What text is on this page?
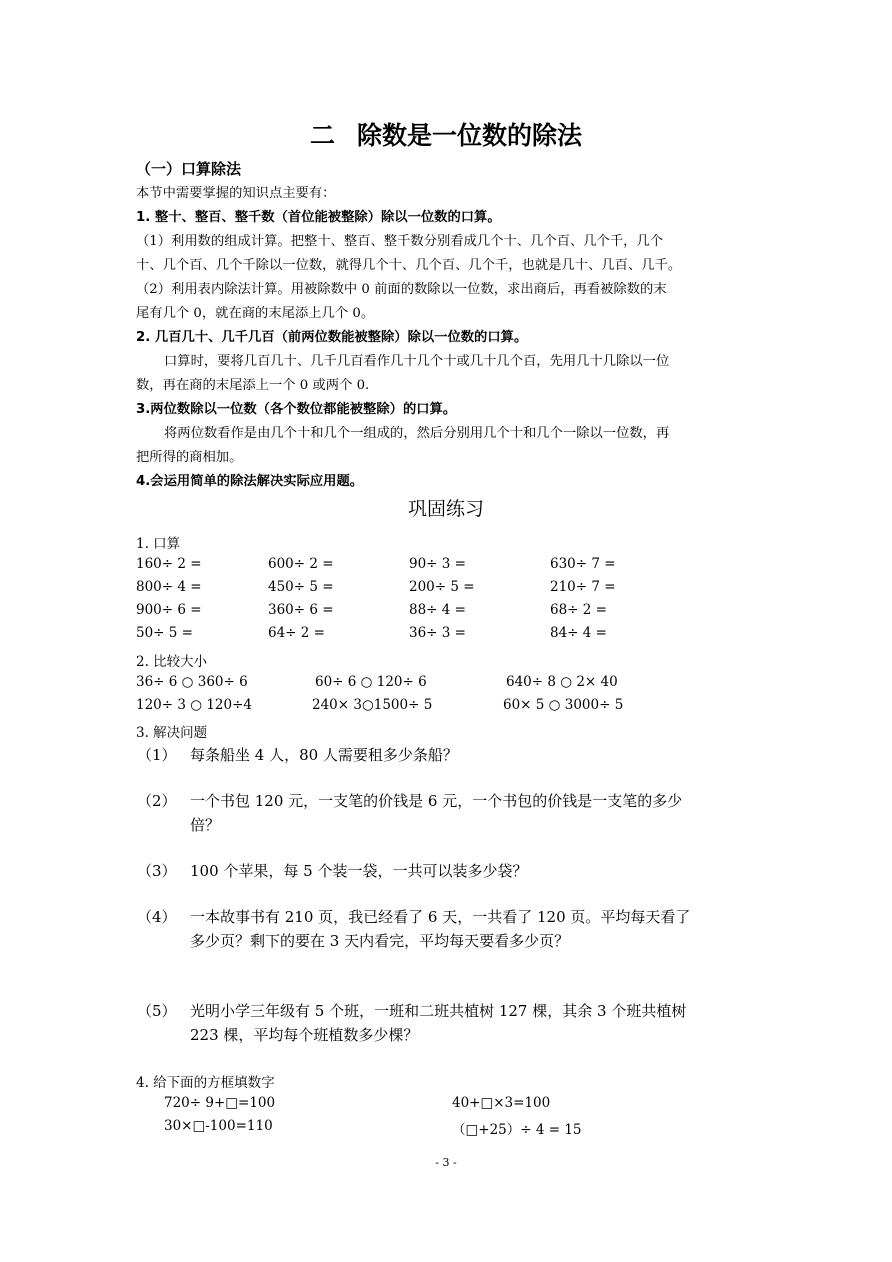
二 除数是一位数的除法
（一）口算除法
本节中需要掌握的知识点主要有：
1. 整十、整百、整千数（首位能被整除）除以一位数的口算。
（1）利用数的组成计算。把整十、整百、整千数分别看成几个十、几个百、几个千，几个
十、几个百、几个千除以一位数，就得几个十、几个百、几个千，也就是几十、几百、几千。
（2）利用表内除法计算。用被除数中 0 前面的数除以一位数，求出商后，再看被除数的末
尾有几个 0，就在商的末尾添上几个 0。
2. 几百几十、几千几百（前两位数能被整除）除以一位数的口算。
口算时，要将几百几十、几千几百看作几十几个十或几十几个百，先用几十几除以一位
数，再在商的末尾添上一个 0 或两个 0.
3.两位数除以一位数（各个数位都能被整除）的口算。
将两位数看作是由几个十和几个一组成的，然后分别用几个十和几个一除以一位数，再
把所得的商相加。
4.会运用简单的除法解决实际应用题。
巩固练习
1. 口算
160÷ 2 =	600÷ 2 =	90÷ 3 =	630÷ 7 =
800÷ 4 =	450÷ 5 =	200÷ 5 =	210÷ 7 =
900÷ 6 =	360÷ 6 =	88÷ 4 =	68÷ 2 =
50÷ 5 =	64÷ 2 =	36÷ 3 =	84÷ 4 =
2. 比较大小
36÷ 6 ○ 360÷ 6	60÷ 6 ○ 120÷ 6	640÷ 8 ○ 2× 40
120÷ 3 ○ 120÷4	240× 3○1500÷ 5	60× 5 ○ 3000÷ 5
3. 解决问题
（1） 每条船坐 4 人，80 人需要租多少条船？
（2） 一个书包 120 元，一支笔的价钱是 6 元，一个书包的价钱是一支笔的多少
倍？
（3） 100 个苹果，每 5 个装一袋，一共可以装多少袋？
（4） 一本故事书有 210 页，我已经看了 6 天，一共看了 120 页。平均每天看了
多少页？剩下的要在 3 天内看完，平均每天要看多少页？
（5） 光明小学三年级有 5 个班，一班和二班共植树 127 棵，其余 3 个班共植树
223 棵，平均每个班植数多少棵？
4. 给下面的方框填数字
720÷ 9+□=100	40+□×3=100
30×□-100=110	（□+25）÷ 4 = 15
- 3 -
